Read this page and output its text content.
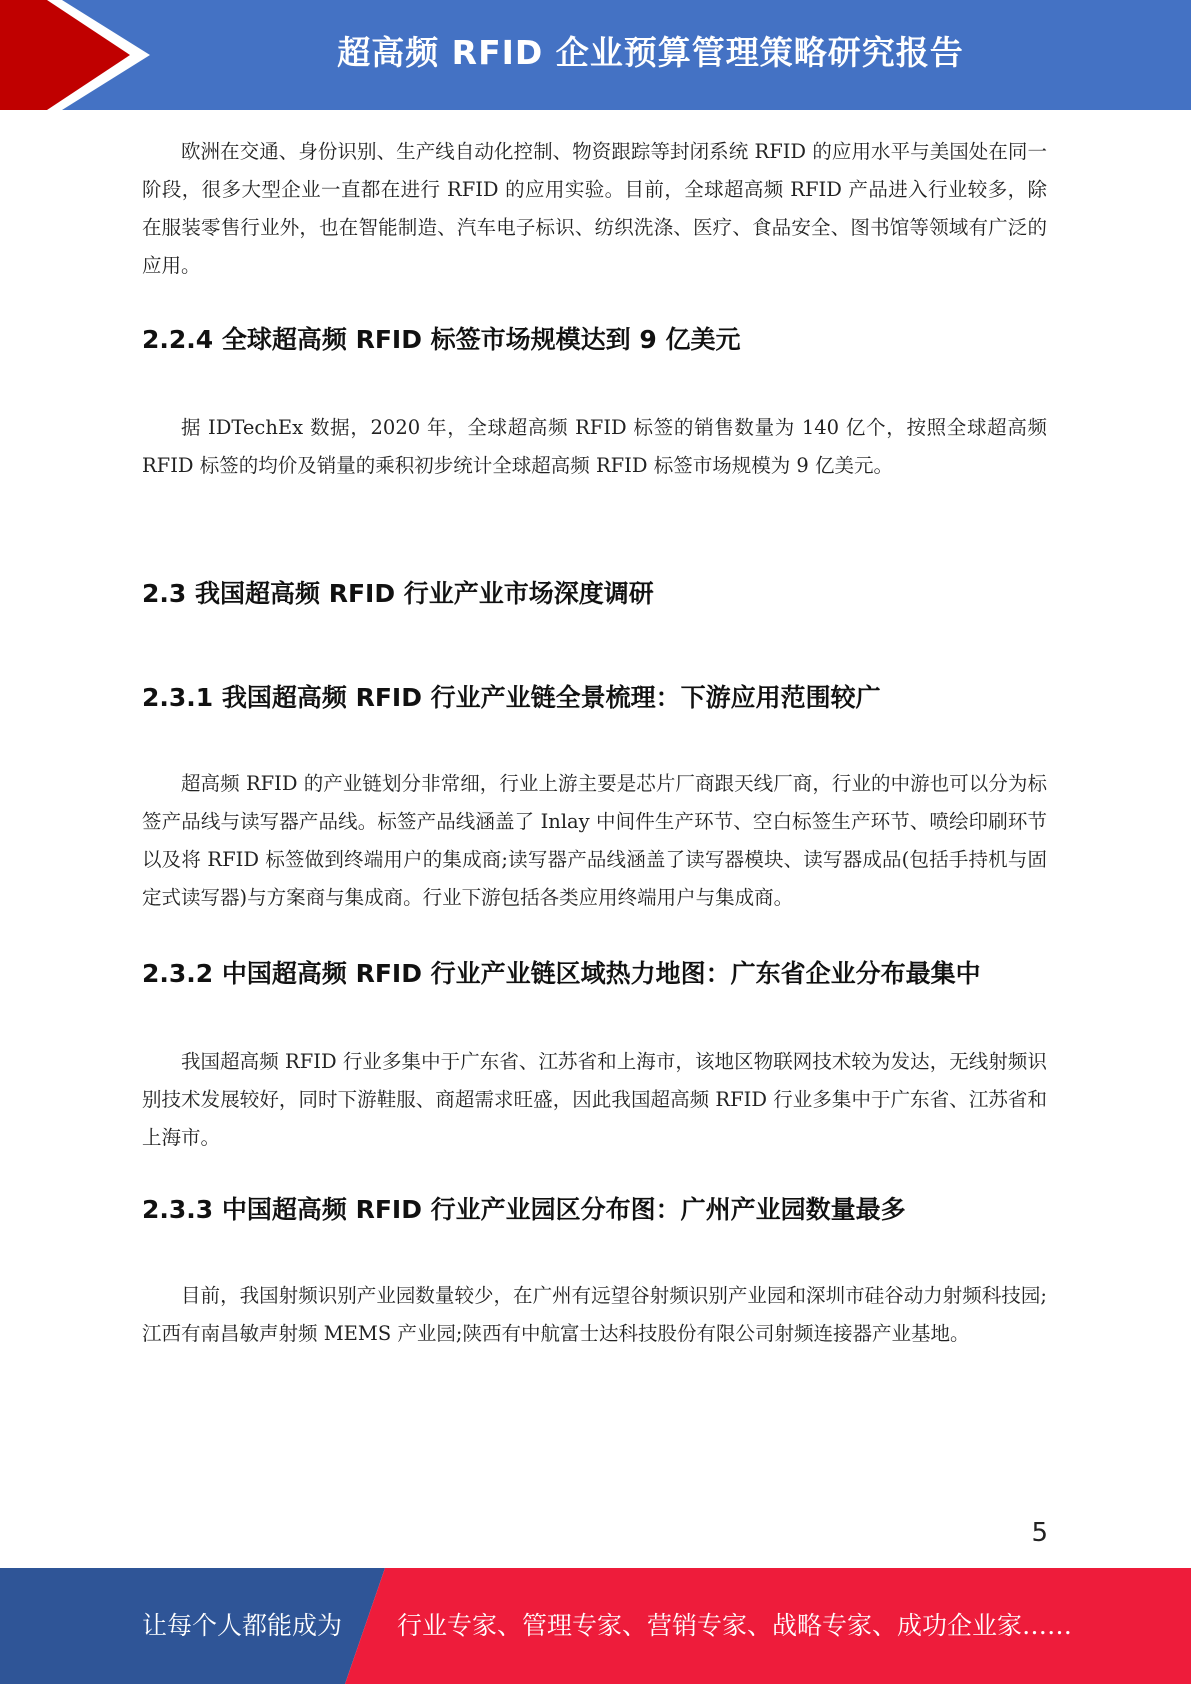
超高频 RFID 企业预算管理策略研究报告

欧洲在交通、身份识别、生产线自动化控制、物资跟踪等封闭系统 RFID 的应用水平与美国处在同一阶段，很多大型企业一直都在进行 RFID 的应用实验。目前，全球超高频 RFID 产品进入行业较多，除在服装零售行业外，也在智能制造、汽车电子标识、纺织洗涤、医疗、食品安全、图书馆等领域有广泛的应用。

2.2.4 全球超高频 RFID 标签市场规模达到 9 亿美元

据 IDTechEx 数据，2020 年，全球超高频 RFID 标签的销售数量为 140 亿个，按照全球超高频 RFID 标签的均价及销量的乘积初步统计全球超高频 RFID 标签市场规模为 9 亿美元。

2.3 我国超高频 RFID 行业产业市场深度调研
2.3.1 我国超高频 RFID 行业产业链全景梳理：下游应用范围较广

超高频 RFID 的产业链划分非常细，行业上游主要是芯片厂商跟天线厂商，行业的中游也可以分为标签产品线与读写器产品线。标签产品线涵盖了 Inlay 中间件生产环节、空白标签生产环节、喷绘印刷环节以及将 RFID 标签做到终端用户的集成商;读写器产品线涵盖了读写器模块、读写器成品(包括手持机与固定式读写器)与方案商与集成商。行业下游包括各类应用终端用户与集成商。

2.3.2 中国超高频 RFID 行业产业链区域热力地图：广东省企业分布最集中

我国超高频 RFID 行业多集中于广东省、江苏省和上海市，该地区物联网技术较为发达，无线射频识别技术发展较好，同时下游鞋服、商超需求旺盛，因此我国超高频 RFID 行业多集中于广东省、江苏省和上海市。

2.3.3 中国超高频 RFID 行业产业园区分布图：广州产业园数量最多

目前，我国射频识别产业园数量较少，在广州有远望谷射频识别产业园和深圳市硅谷动力射频科技园;江西有南昌敏声射频 MEMS 产业园;陕西有中航富士达科技股份有限公司射频连接器产业基地。

5
让每个人都能成为 行业专家、管理专家、营销专家、战略专家、成功企业家……
